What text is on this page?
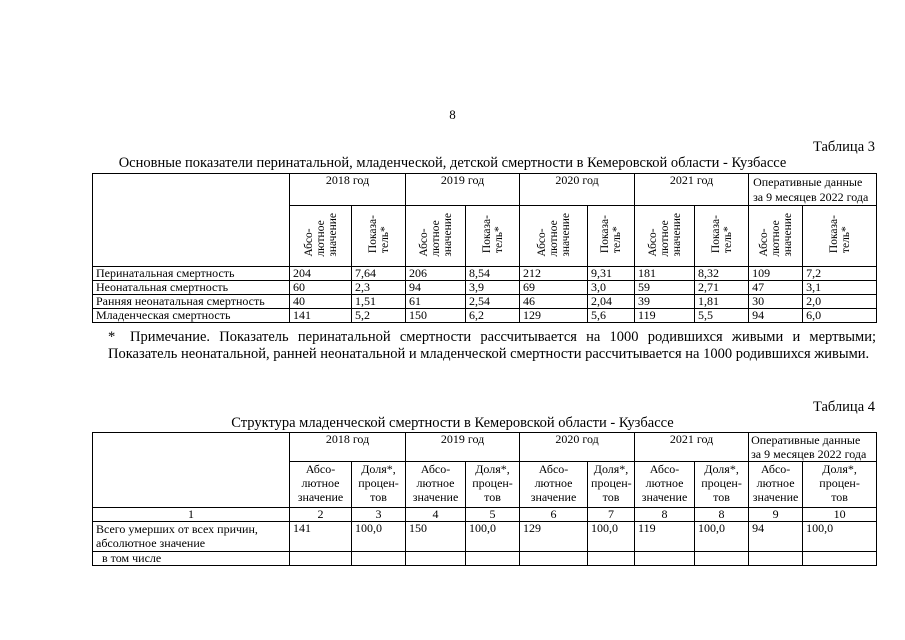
8
Таблица 3
Основные показатели перинатальной, младенческой, детской смертности в Кемеровской области - Кузбассе
	2018 год		2019 год		2020 год		2021 год		Оперативные данные
за 9 месяцев 2022 года	

	Абсо-
лютное
значение	Показа-
тель*	Абсо-
лютное
значение	Показа-
тель*	Абсо-
лютное
значение	Показа-
тель*	Абсо-
лютное
значение	Показа-
тель*	Абсо-
лютное
значение	Показа-
тель*
Перинатальная смертность	204	7,64	206	8,54	212	9,31	181	8,32	109	7,2
Неонатальная смертность	60	2,3	94	3,9	69	3,0	59	2,71	47	3,1
Ранняя неонатальная смертность	40	1,51	61	2,54	46	2,04	39	1,81	30	2,0
Младенческая смертность	141	5,2	150	6,2	129	5,6	119	5,5	94	6,0
*	Примечание. Показатель перинатальной смертности рассчитывается на 1000 родившихся живыми и мертвыми; Показатель неонатальной, ранней неонатальной и младенческой смертности рассчитывается на 1000 родившихся живыми.
Таблица 4
Структура младенческой смертности в Кемеровской области - Кузбассе
	2018 год		2019 год		2020 год		2021 год		Оперативные данные
за 9 месяцев 2022 года	

	Абсо-
лютное
значение	Доля*,
процен-
тов	Абсо-
лютное
значение	Доля*,
процен-
тов	Абсо-
лютное
значение	Доля*,
процен-
тов	Абсо-
лютное
значение	Доля*,
процен-
тов	Абсо-
лютное
значение	Доля*,
процен-
тов
1	2	3	4	5	6	7	8	8	9	10
Всего умерших от всех причин, абсолютное значение	141	100,0	150	100,0	129	100,0	119	100,0	94	100,0
в том числе										
